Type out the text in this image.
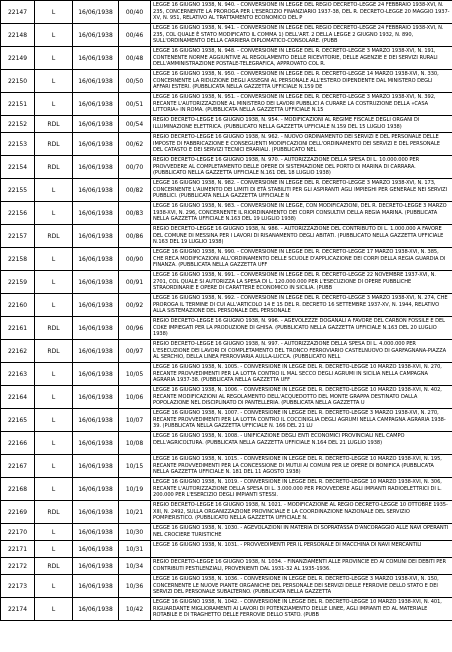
22147	L	16/06/1938	00/40	LEGGE 16 GIUGNO 1938, N. 940. - CONVERSIONE IN LEGGE DEL REGIO DECRETO-LEGGE 24 FEBBRAIO 1938-XVI, N. 235, CONCERNENTE LA PROROGA PER L'ESERCIZIO FINANZIARIO 1937-38, DEL R. DECRETO-LEGGE 20 MAGGIO 1937-XV, N. 951, RELATIVO AL TRATTAMENTO ECONOMICO DEL P

22148	L	16/06/1938	00/46	LEGGE 16 GIUGNO 1938, N. 941. - CONVERSIONE IN LEGGE DEL REGIO DECRETO-LEGGE 24 FEBBRAIO 1938-XVI, N. 235, COL QUALE È STATO MODIFICATO IL COMMA 1) DELL'ART. 2 DELLA LEGGE 2 GIUGNO 1932, N. 890, SULL'ORDINAMENTO DELLA CARRIERA DIPLOMATICO-CONSOLARE. (PUBB

22149	L	16/06/1938	00/48	LEGGE 16 GIUGNO 1938, N. 948. - CONVERSIONE IN LEGGE DEL R. DECRETO-LEGGE 3 MARZO 1938-XVI, N. 191, CONTENENTE NORME AGGIUNTIVE AL REGOLAMENTO DELLE RICEVITORIE, DELLE AGENZIE E DEI SERVIZI RURALI DELL'AMMINISTRAZIONE POSTALE-TELEGRAFICA, APPROVATO COL R.

22150	L	16/06/1938	00/50	LEGGE 16 GIUGNO 1938, N. 950. - CONVERSIONE IN LEGGE DEL R. DECRETO-LEGGE 14 MARZO 1938-XVI, N. 330, CONCERNENTE LA RIDUZIONE DEGLI ASSEGNI AL PERSONALE ALL'ESTERO DIPENDENTE DAL MINISTERO DEGLI AFFARI ESTERI. (PUBBLICATA NELLA GAZZETTA UFFICIALE N.159 DE

22151	L	16/06/1938	00/51	LEGGE 16 GIUGNO 1938, N. 951. - CONVERSIONE IN LEGGE DEL R. DECRETO-LEGGE 3 MARZO 1938-XVI, N. 392, RECANTE L'AUTORIZZAZIONE AL MINISTERO DEI LAVORI PUBBLICI A CURARE LA COSTRUZIONE DELLA «CASA LITTORIA» IN ROMA. (PUBBLICATA NELLA GAZZETTA UFFICIALE N.15

22152	RDL	16/06/1938	00/54	REGIO DECRETO-LEGGE 16 GIUGNO 1938, N. 954. - MODIFICAZIONI AL REGIME FISCALE DEGLI ORGANI DI ILLUMINAZIONE ELETTRICA. (PUBBLICATO NELLA GAZZETTA UFFICIALE N.159 DEL 15 LUGLIO 1938)

22153	RDL	16/06/1938	00/62	REGIO DECRETO-LEGGE 16 GIUGNO 1938, N. 962. - NUOVO ORDINAMENTO DEI SERVIZI E DEL PERSONALE DELLE IMPOSTE DI FABBRICAZIONE E CONSEGUENTI MODIFICAZIONI DELL'ORDINAMENTO DEI SERVIZI E DEL PERSONALE DEL CATASTO E DEI SERVIZI TECNICI ERARIALI. (PUBBLICATO NEL

22154	RDL	16/06/1938	00/70	REGIO DECRETO-LEGGE 16 GIUGNO 1938, N. 970. - AUTORIZZAZIONE DELLA SPESA DI L. 10.000.000 PER PROVVEDERE AL COMPLETAMENTO DELLE OPERE DI SISTEMAZIONE DEL PORTO DI MARINA DI CARRARA. (PUBBLICATO NELLA GAZZETTA UFFICIALE N.161 DEL 18 LUGLIO 1938)

22155	L	16/06/1938	00/82	LEGGE 16 GIUGNO 1938, N. 982. - CONVERSIONE IN LEGGE DEL R. DECRETO-LEGGE 3 MARZO 1938-XVI, N. 173, CONCERNENTE L'AUMENTO DEI LIMITI DI ETÀ STABILITI PER GLI ASPIRANTI AGLI IMPIEGHI PER GENERALE NEI SERVIZI PUBBLICI. (PUBBLICATA NELLA GAZZETTA UFFICIALE N

22156	L	16/06/1938	00/83	LEGGE 16 GIUGNO 1938, N. 983. - CONVERSIONE IN LEGGE, CON MODIFICAZIONI, DEL R. DECRETO-LEGGE 3 MARZO 1938-XVI, N. 296, CONCERNENTE IL RIORDINAMENTO DEI CORPI CONSULTIVI DELLA REGIA MARINA. (PUBBLICATA NELLA GAZZETTA UFFICIALE N.163 DEL 19 LUGLIO 1938)

22157	RDL	16/06/1938	00/86	REGIO DECRETO-LEGGE 16 GIUGNO 1938, N. 986. - AUTORIZZAZIONE DEL CONTRIBUTO DI L. 1.000.000 A FAVORE DEL COMUNE DI MESSINA PER I LAVORI DI RISANAMENTO DEGLI ABITATI. (PUBBLICATO NELLA GAZZETTA UFFICIALE N.163 DEL 19 LUGLIO 1938)

22158	L	16/06/1938	00/90	LEGGE 16 GIUGNO 1938, N. 990. - CONVERSIONE IN LEGGE DEL R. DECRETO-LEGGE 17 MARZO 1938-XVI, N. 385, CHE RECA MODIFICAZIONI ALL'ORDINAMENTO DELLE SCUOLE D'APPLICAZIONE DEI CORPI DELLA REGIA GUARDIA DI FINANZA. (PUBBLICATA NELLA GAZZETTA UFF

22159	L	16/06/1938	00/91	LEGGE 16 GIUGNO 1938, N. 991. - CONVERSIONE IN LEGGE DEL R. DECRETO-LEGGE 22 NOVEMBRE 1937-XVI, N. 2701, COL QUALE SI AUTORIZZA LA SPESA DI L. 120.000.000 PER L'ESECUZIONE DI OPERE PUBBLICHE STRAORDINARIE E OPERE DI CARATTERE ECONOMICO IN SICILIA. (PUBB

22160	L	16/06/1938	00/92	LEGGE 16 GIUGNO 1938, N. 992. - CONVERSIONE IN LEGGE DEL R. DECRETO-LEGGE 3 MARZO 1938-XVI, N. 274, CHE PROROGA IL TERMINE DI CUI ALL'ARTICOLO 14 E 15 DEL R. DECRETO 16 SETTEMBRE 1937-XV, N. 1944, RELATIVO ALLA SISTEMAZIONE DEL PERSONALE DEL PERSONALE

22161	RDL	16/06/1938	00/96	REGIO DECRETO-LEGGE 16 GIUGNO 1938, N. 996. - AGEVOLEZZE DOGANALI A FAVORE DEL CARBON FOSSILE E DEL COKE IMPIEGATI PER LA PRODUZIONE DI GHISA. (PUBBLICATO NELLA GAZZETTA UFFICIALE N.163 DEL 20 LUGLIO 1938)

22162	RDL	16/06/1938	00/97	REGIO DECRETO-LEGGE 16 GIUGNO 1938, N. 997. - AUTORIZZAZIONE DELLA SPESA DI L. 4.000.000 PER L'ESECUZIONE DEI LAVORI DI COMPLETAMENTO DEL TRONCO FERROVIARIO CASTELNUOVO DI GARFAGNANA-PIAZZA AL SERCHIO, DELLA LINEA FERROVIARIA AULLA-LUCCA. (PUBBLICATO NELL

22163	L	16/06/1938	10/05	LEGGE 16 GIUGNO 1938, N. 1005. - CONVERSIONE IN LEGGE DEL R. DECRETO-LEGGE 10 MARZO 1938-XVI, N. 270, RECANTE PROVVEDIMENTI PER LA LOTTA CONTRO IL MAL SECCO DEGLI AGRUMI IN SICILIA NELLA CAMPAGNA AGRARIA 1937-38. (PUBBLICATA NELLA GAZZETTA UFF

22164	L	16/06/1938	10/06	LEGGE 16 GIUGNO 1938, N. 1006. - CONVERSIONE IN LEGGE DEL R. DECRETO-LEGGE 10 MARZO 1938-XVI, N. 402, RECANTE MODIFICAZIONI AL REGOLAMENTO DELL'ACQUEDOTTO DEL MONTE GRAPPA DESTINATO DALLA POPOLAZIONE NEL DISCIPLINATO DI PANTELLERIA. (PUBBLICATA NELLA GAZZETTA U

22165	L	16/06/1938	10/07	LEGGE 16 GIUGNO 1938, N. 1007. - CONVERSIONE IN LEGGE DEL R. DECRETO-LEGGE 3 MARZO 1938-XVI, N. 270, RECANTE PROVVEDIMENTI PER LA LOTTA CONTRO IL COCCINIGLIA DEGLI AGRUMI NELLA CAMPAGNA AGRARIA 1938-39. (PUBBLICATA NELLA GAZZETTA UFFICIALE N. 166 DEL 21 LU

22166	L	16/06/1938	10/08	LEGGE 16 GIUGNO 1938, N. 1008. - UNIFICAZIONE DEGLI ENTI ECONOMICI PROVINCIALI NEL CAMPO DELL'AGRICOLTURA. (PUBBLICATA NELLA GAZZETTA UFFICIALE N.164 DEL 21 LUGLIO 1938)

22167	L	16/06/1938	10/15	LEGGE 16 GIUGNO 1938, N. 1015. - CONVERSIONE IN LEGGE DEL R. DECRETO-LEGGE 10 MARZO 1938-XVI, N. 195, RECANTE PROVVEDIMENTI PER LA CONCESSIONE DI MUTUI AI COMUNI PER LE OPERE DI BONIFICA (PUBBLICATA NELLA GAZZETTA UFFICIALE N. 181 DEL 11 AGOSTO 1938)

22168	L	16/06/1938	10/19	LEGGE 16 GIUGNO 1938, N. 1019. - CONVERSIONE IN LEGGE DEL R. DECRETO-LEGGE 10 MARZO 1938-XVI, N. 306, RECANTE L'AUTORIZZAZIONE DELLA SPESA DI L. 3.000.000 PER PROVVEDERE AGLI IMPIANTI RADIOELETTRICI DI L. 200.000 PER L'ESERCIZIO DEGLI IMPIANTI STESSI.

22169	RDL	16/06/1938	10/21	REGIO DECRETO-LEGGE 16 GIUGNO 1938, N. 1021. - MODIFICAZIONE AL REGIO DECRETO-LEGGE 10 OTTOBRE 1935-XIII, N. 2492, SULLA ORGANIZZAZIONE PROVINCIALE E LA COORDINAZIONE NAZIONALE DEL SERVIZIO POMPIERISTICO. (PUBBLICATO NELLA GAZZETTA UFFICIALE N.

22170	L	16/06/1938	10/30	LEGGE 16 GIUGNO 1938, N. 1030. - AGEVOLAZIONI IN MATERIA DI SOPRATASSA D'ANCORAGGIO ALLE NAVI OPERANTI NEL CROCIERE TURISTICHE

22171	L	16/06/1938	10/31	LEGGE 16 GIUGNO 1938, N. 1031. - PROVVEDIMENTI PER IL PERSONALE DI MACCHINA DI NAVI MERCANTILI

22172	RDL	16/06/1938	10/34	REGIO DECRETO-LEGGE 16 GIUGNO 1938, N. 1034. - FINANZIAMENTI ALLE PROVINCIE ED AI COMUNI DEI DEBITI PER CONTRIBUTI PESTILENZIALI, PROVENIENTI DAL 1931-32 AL 1935-1936.

22173	L	16/06/1938	10/36	LEGGE 16 GIUGNO 1938, N. 1036. - CONVERSIONE IN LEGGE DEL R. DECRETO-LEGGE 3 MARZO 1938-XVI, N. 150, CONCERNENTE LE NUOVE PIANTE ORGANICHE DEL PERSONALE DEI SERVIZI DELLE FERROVIE DELLO STATO E DEI SERVIZI DEL PERSONALE SUBALTERNO. (PUBBLICATA NELLA GAZZETTA

22174	L	16/06/1938	10/42	LEGGE 16 GIUGNO 1938, N. 1042. - CONVERSIONE IN LEGGE DEL R. DECRETO-LEGGE 10 MARZO 1938-XVI, N. 401, RIGUARDANTE MIGLIORAMENTI AI LAVORI DI POTENZIAMENTO DELLE LINEE, AGLI IMPIANTI ED AL MATERIALE ROTABILE E DI TRAGHETTO DELLE FERROVIE DELLO STATO. (PUBB
